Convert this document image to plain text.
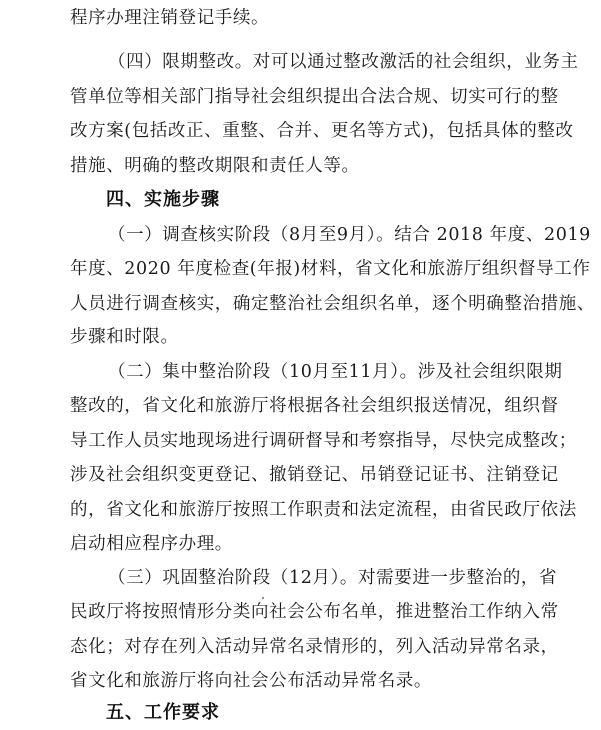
程序办理注销登记手续。
（四）限期整改。对可以通过整改激活的社会组织，业务主
管单位等相关部门指导社会组织提出合法合规、切实可行的整
改方案(包括改正、重整、合并、更名等方式)，包括具体的整改
措施、明确的整改期限和责任人等。
四、实施步骤
（一）调查核实阶段（8月至9月）。结合 2018 年度、2019
年度、2020 年度检查(年报)材料，省文化和旅游厅组织督导工作
人员进行调查核实，确定整治社会组织名单，逐个明确整治措施、
步骤和时限。
（二）集中整治阶段（10月至11月）。涉及社会组织限期
整改的，省文化和旅游厅将根据各社会组织报送情况，组织督
导工作人员实地现场进行调研督导和考察指导，尽快完成整改；
涉及社会组织变更登记、撤销登记、吊销登记证书、注销登记
的，省文化和旅游厅按照工作职责和法定流程，由省民政厅依法
启动相应程序办理。
（三）巩固整治阶段（12月）。对需要进一步整治的，省
民政厅将按照情形分类向社会公布名单，推进整治工作纳入常
态化；对存在列入活动异常名录情形的，列入活动异常名录，
省文化和旅游厅将向社会公布活动异常名录。
五、工作要求
